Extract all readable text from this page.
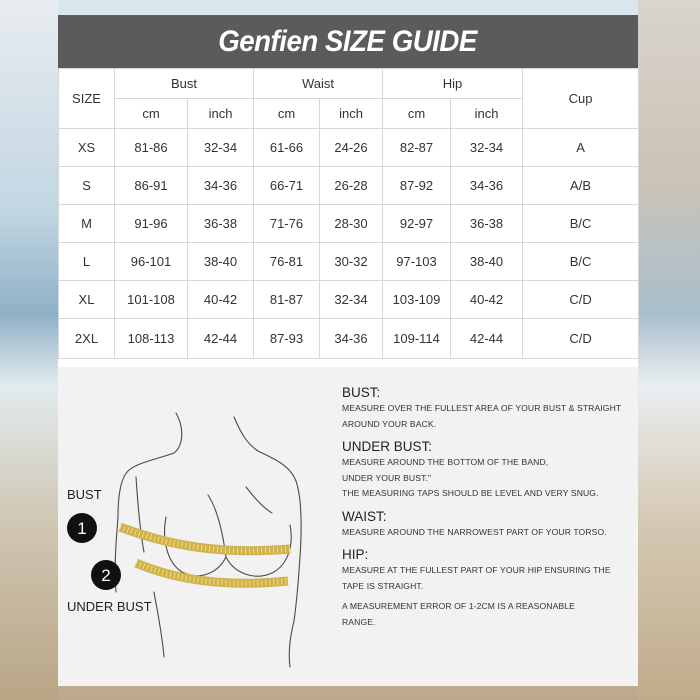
Genfien SIZE GUIDE
SIZE	Bust		Waist		Hip		Cup
	cm	inch	cm	inch	cm	inch	
XS	81-86	32-34	61-66	24-26	82-87	32-34	A
S	86-91	34-36	66-71	26-28	87-92	34-36	A/B
M	91-96	36-38	71-76	28-30	92-97	36-38	B/C
L	96-101	38-40	76-81	30-32	97-103	38-40	B/C
XL	101-108	40-42	81-87	32-34	103-109	40-42	C/D
2XL	108-113	42-44	87-93	34-36	109-114	42-44	C/D
1
2
BUST
UNDER BUST

BUST:

MEASURE OVER THE FULLEST AREA OF YOUR BUST & STRAIGHT

AROUND YOUR BACK.

UNDER BUST:

MEASURE AROUND THE BOTTOM OF THE BAND,

UNDER YOUR BUST."

THE MEASURING TAPS SHOULD BE LEVEL AND VERY SNUG.

WAIST:

MEASURE AROUND THE NARROWEST PART OF YOUR TORSO.

HIP:

MEASURE AT THE FULLEST PART OF YOUR HIP ENSURING THE

TAPE IS STRAIGHT.

A MEASUREMENT ERROR OF 1-2CM IS A REASONABLE

RANGE.
